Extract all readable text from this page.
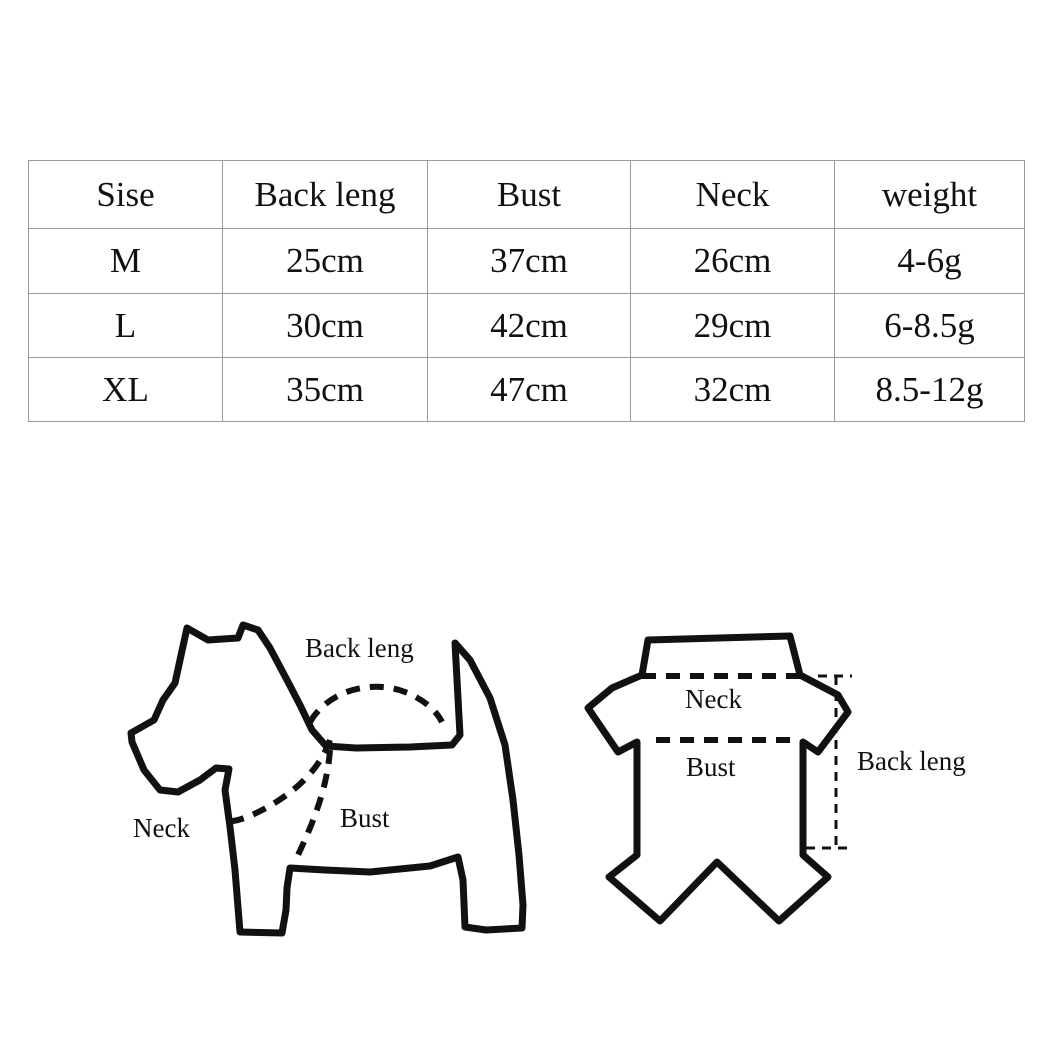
Sise	Back leng	Bust	Neck	weight
M	25cm	37cm	26cm	4-6g
L	30cm	42cm	29cm	6-8.5g
XL	35cm	47cm	32cm	8.5-12g
Back leng
Neck	Bust
Neck
Bust	Back leng
